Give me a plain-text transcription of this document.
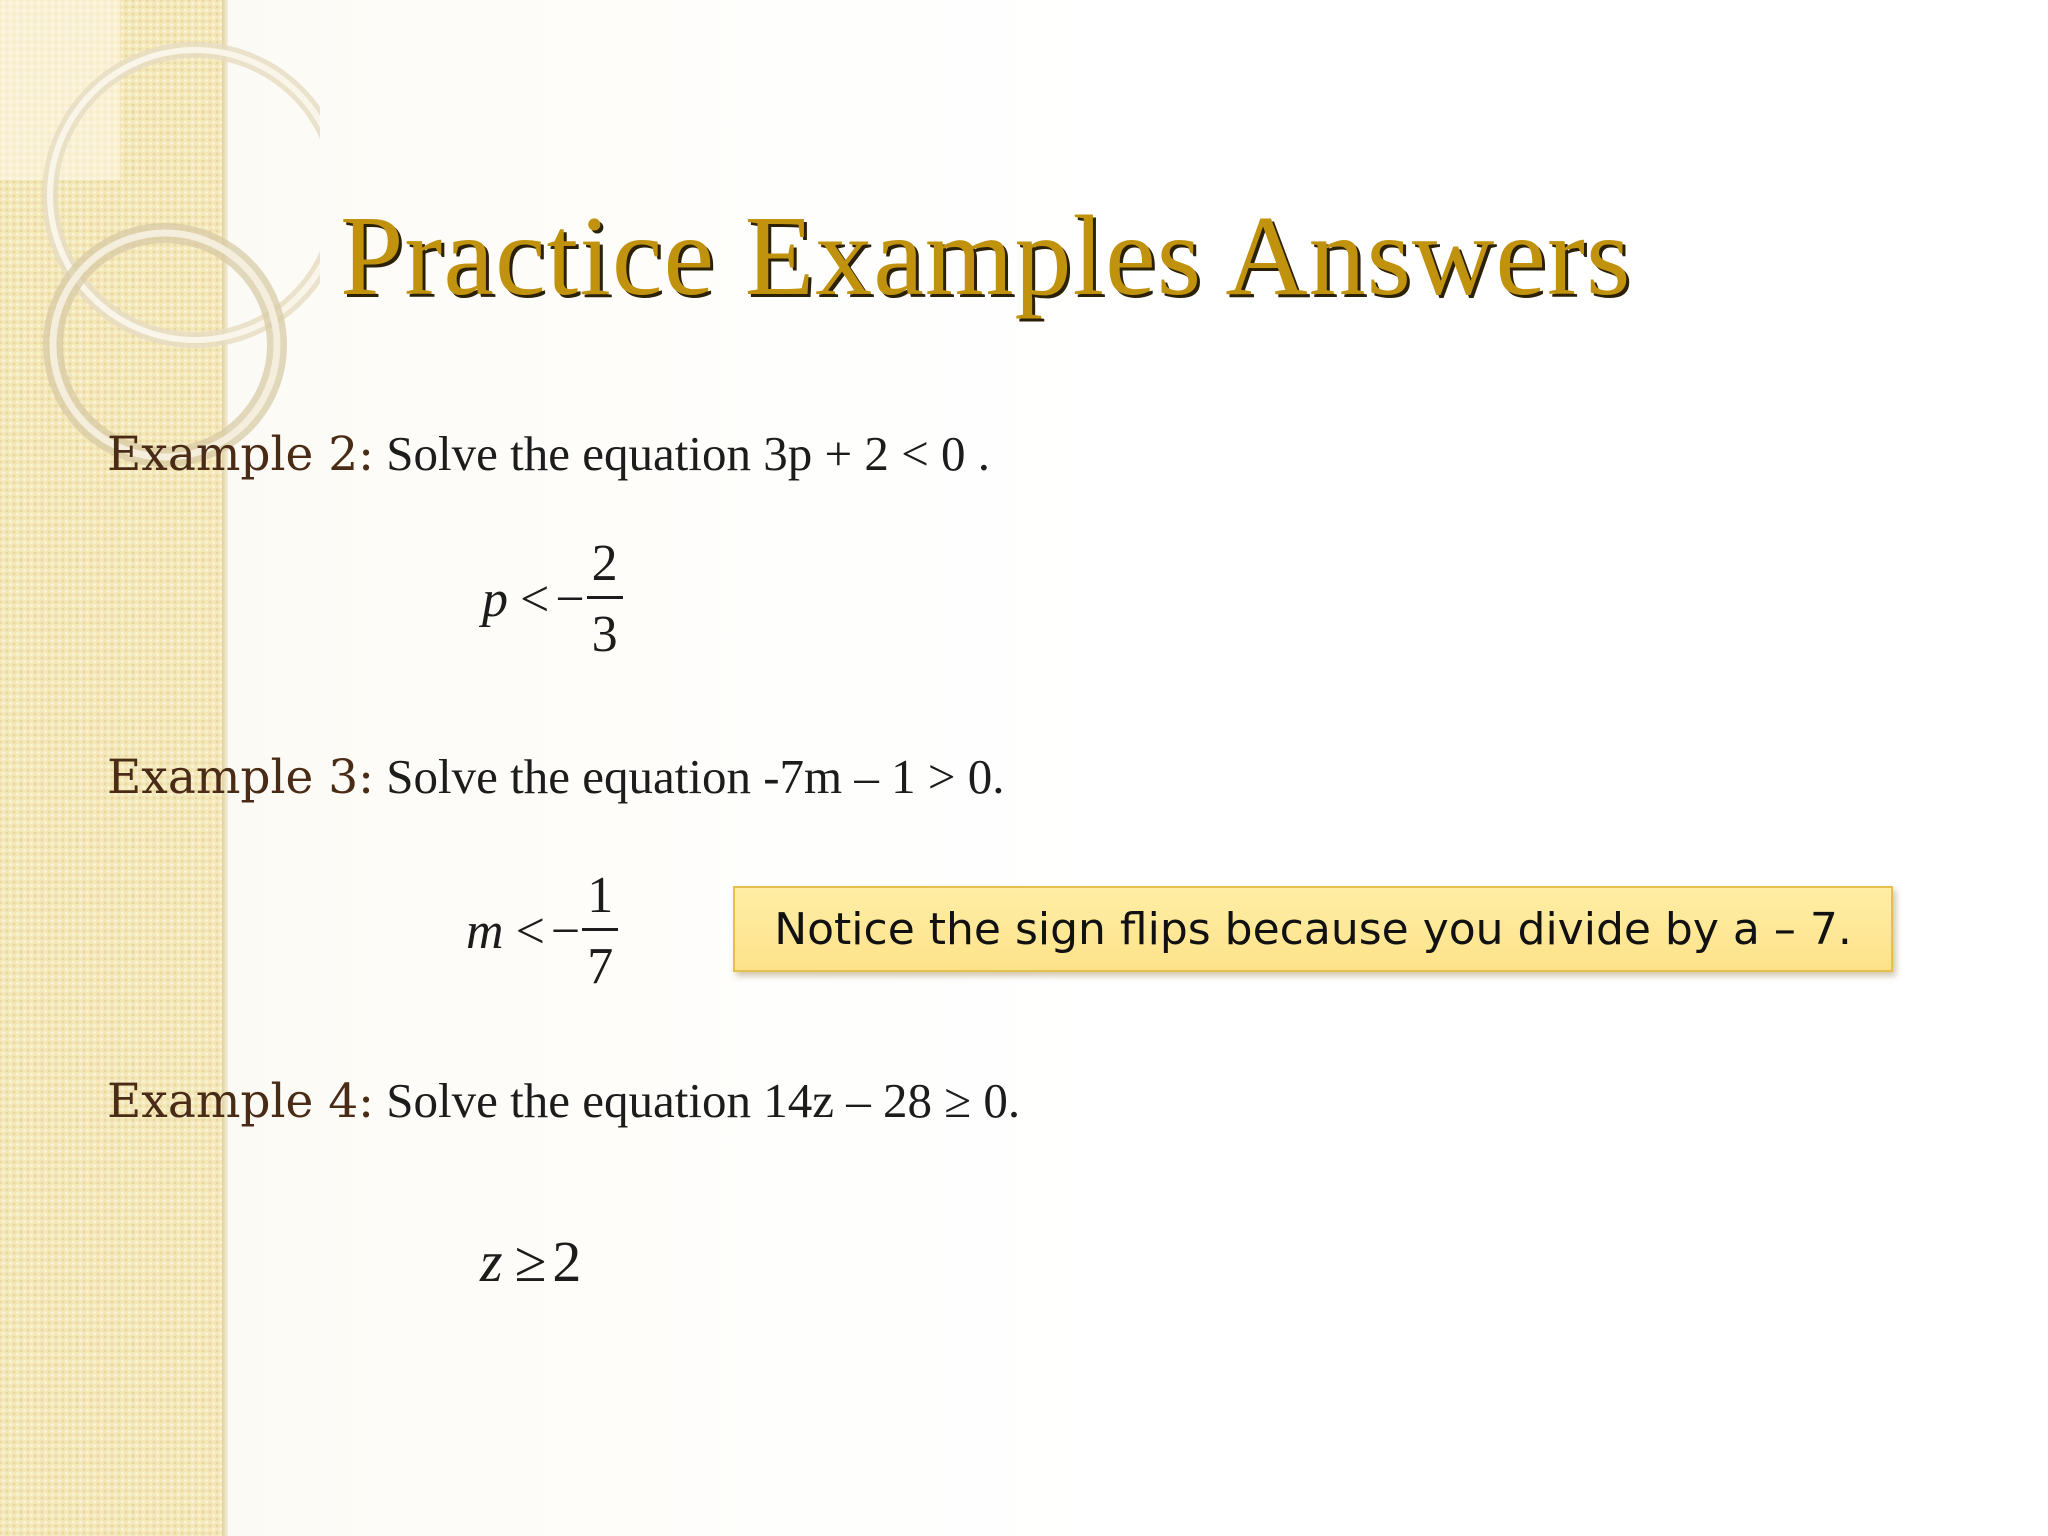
Practice Examples Answers

Example 2: Solve the equation 3p + 2 < 0 .

p < − $\frac{2}{3}$

Example 3: Solve the equation -7m – 1 > 0.

m < − $\frac{1}{7}$	Notice the sign flips because you divide by a – 7.

Example 4: Solve the equation 14z – 28 ≥ 0.

z ≥ 2
